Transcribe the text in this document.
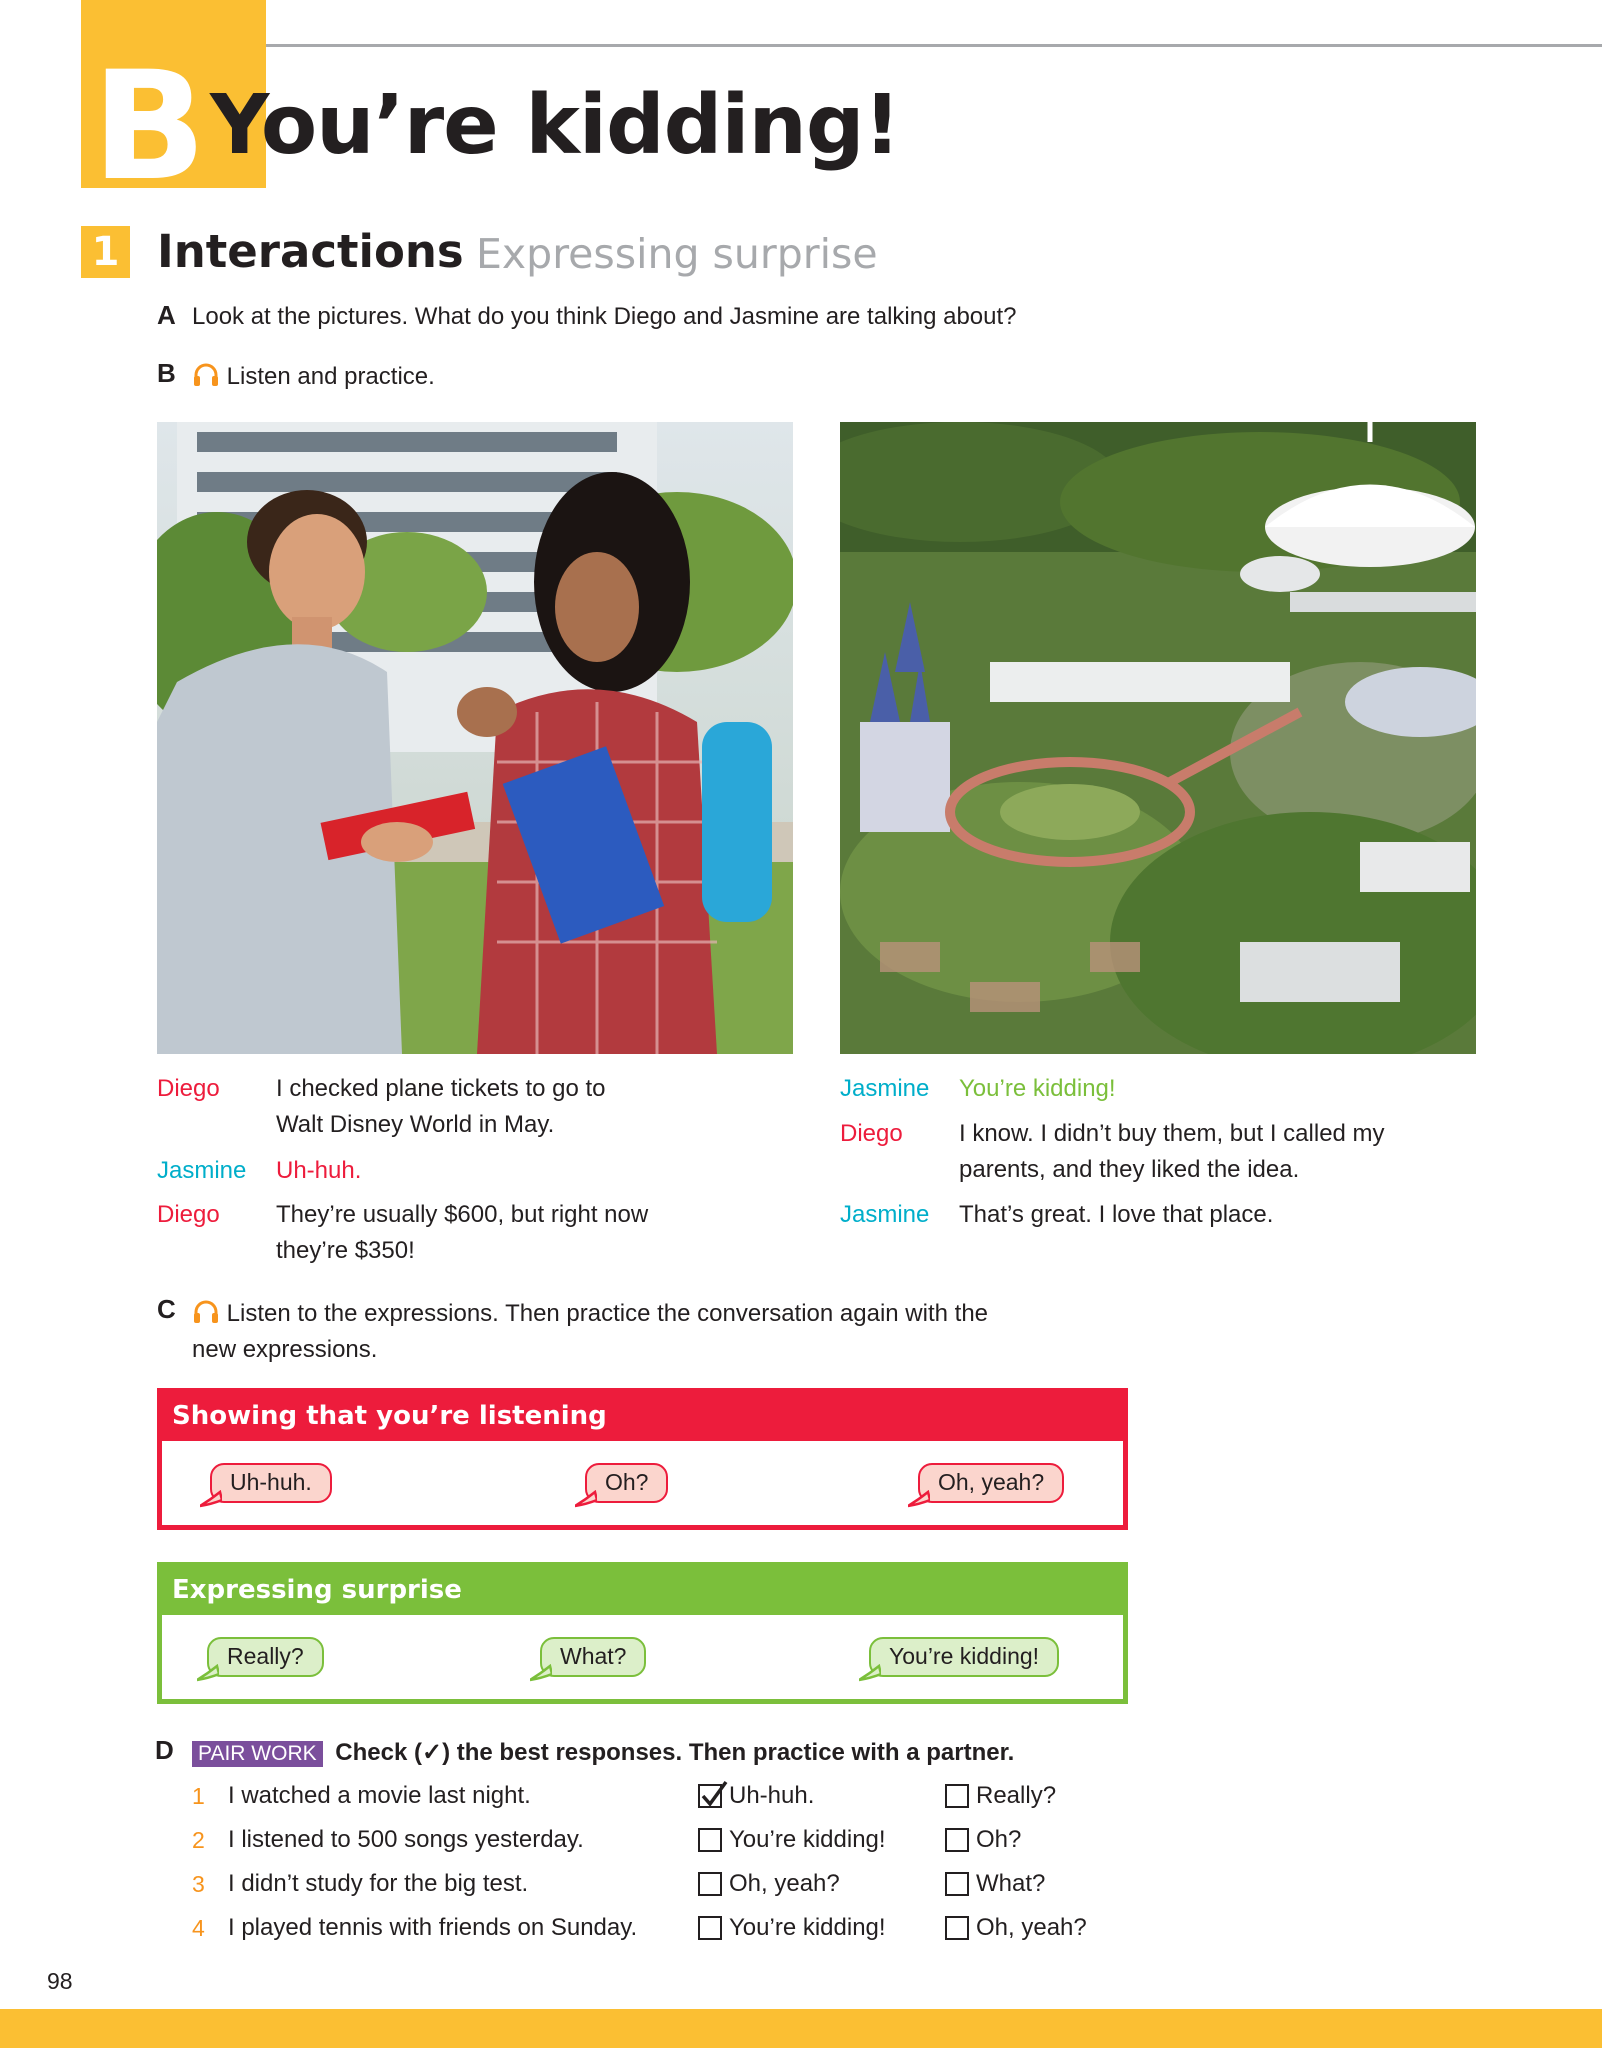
B You’re kidding!
1 Interactions Expressing surprise
A Look at the pictures. What do you think Diego and Jasmine are talking about?
B	Listen and practice.
Diego I checked plane tickets to go to
Walt Disney World in May.
Jasmine Uh-huh.
Diego They’re usually $600, but right now
they’re $350!
Jasmine You’re kidding!
Diego I know. I didn’t buy them, but I called my
parents, and they liked the idea.
Jasmine That’s great. I love that place.
C	Listen to the expressions. Then practice the conversation again with the
new expressions.
Showing that you’re listening
Uh-huh.	Oh?	Oh, yeah?
Expressing surprise
Really?	What?	You’re kidding!
D PAIR WORK Check (✓) the best responses. Then practice with a partner.
1 I watched a movie last night.	Uh-huh.	Really?
2 I listened to 500 songs yesterday.	You’re kidding!	Oh?
3 I didn’t study for the big test.	Oh, yeah?	What?
4 I played tennis with friends on Sunday.	You’re kidding!	Oh, yeah?
98
